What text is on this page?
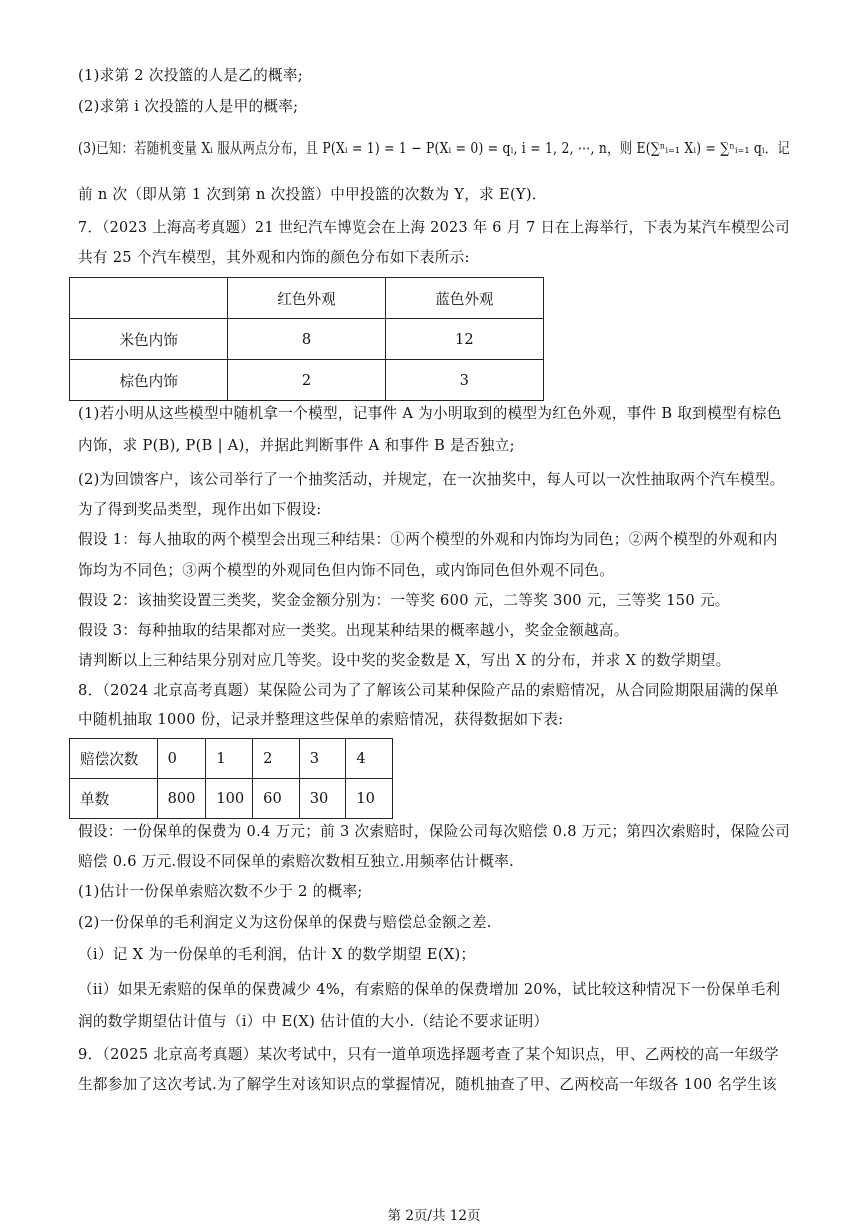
(1)求第 2 次投篮的人是乙的概率;
(2)求第 i 次投篮的人是甲的概率;
(3)已知：若随机变量 Xᵢ 服从两点分布，且 P(Xᵢ = 1) = 1 − P(Xᵢ = 0) = qᵢ, i = 1, 2, ⋯, n，则 E(∑ⁿᵢ₌₁ Xᵢ) = ∑ⁿᵢ₌₁ qᵢ．记
前 n 次（即从第 1 次到第 n 次投篮）中甲投篮的次数为 Y，求 E(Y)．
7．（2023 上海高考真题）21 世纪汽车博览会在上海 2023 年 6 月 7 日在上海举行，下表为某汽车模型公司
共有 25 个汽车模型，其外观和内饰的颜色分布如下表所示:
	红色外观	蓝色外观
米色内饰	8	12
棕色内饰	2	3
(1)若小明从这些模型中随机拿一个模型，记事件 A 为小明取到的模型为红色外观，事件 B 取到模型有棕色
内饰，求 P(B), P(B | A)，并据此判断事件 A 和事件 B 是否独立;
(2)为回馈客户，该公司举行了一个抽奖活动，并规定，在一次抽奖中，每人可以一次性抽取两个汽车模型。
为了得到奖品类型，现作出如下假设:
假设 1：每人抽取的两个模型会出现三种结果：①两个模型的外观和内饰均为同色；②两个模型的外观和内
饰均为不同色；③两个模型的外观同色但内饰不同色，或内饰同色但外观不同色。
假设 2：该抽奖设置三类奖，奖金金额分别为：一等奖 600 元，二等奖 300 元，三等奖 150 元。
假设 3：每种抽取的结果都对应一类奖。出现某种结果的概率越小，奖金金额越高。
请判断以上三种结果分别对应几等奖。设中奖的奖金数是 X，写出 X 的分布，并求 X 的数学期望。
8．（2024 北京高考真题）某保险公司为了了解该公司某种保险产品的索赔情况，从合同险期限届满的保单
中随机抽取 1000 份，记录并整理这些保单的索赔情况，获得数据如下表:
赔偿次数	0	1	2	3	4
单数	800	100	60	30	10
假设：一份保单的保费为 0.4 万元；前 3 次索赔时，保险公司每次赔偿 0.8 万元；第四次索赔时，保险公司
赔偿 0.6 万元.假设不同保单的索赔次数相互独立.用频率估计概率.
(1)估计一份保单索赔次数不少于 2 的概率;
(2)一份保单的毛利润定义为这份保单的保费与赔偿总金额之差.
（i）记 X 为一份保单的毛利润，估计 X 的数学期望 E(X)；
（ii）如果无索赔的保单的保费减少 4%，有索赔的保单的保费增加 20%，试比较这种情况下一份保单毛利
润的数学期望估计值与（i）中 E(X) 估计值的大小.（结论不要求证明）
9．（2025 北京高考真题）某次考试中，只有一道单项选择题考查了某个知识点，甲、乙两校的高一年级学
生都参加了这次考试.为了解学生对该知识点的掌握情况，随机抽查了甲、乙两校高一年级各 100 名学生该
第 2页/共 12页
